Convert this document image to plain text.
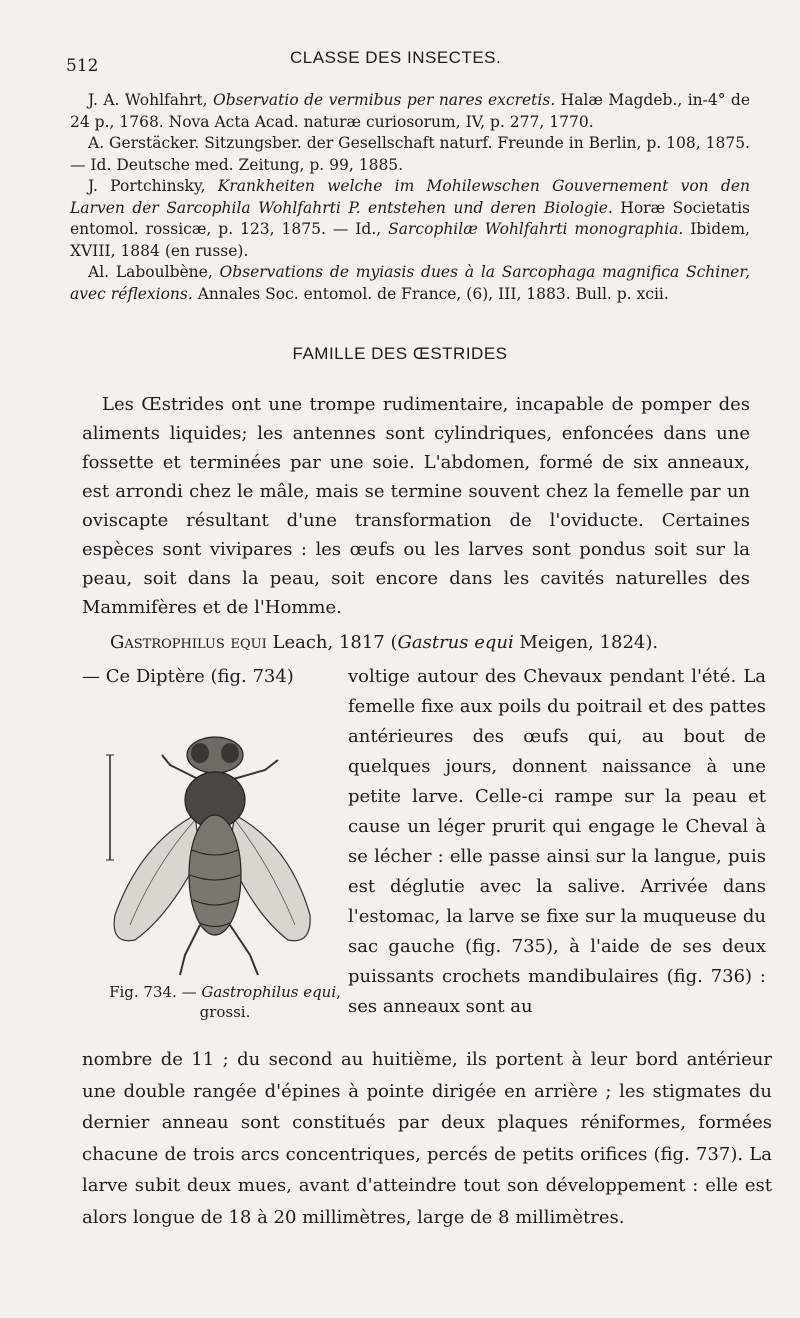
512	CLASSE DES INSECTES.

J. A. Wohlfahrt, Observatio de vermibus per nares excretis. Halæ Magdeb., in-4° de 24 p., 1768. Nova Acta Acad. naturæ curiosorum, IV, p. 277, 1770.

A. Gerstäcker. Sitzungsber. der Gesellschaft naturf. Freunde in Berlin, p. 108, 1875. — Id. Deutsche med. Zeitung, p. 99, 1885.

J. Portchinsky, Krankheiten welche im Mohilewschen Gouvernement von den Larven der Sarcophila Wohlfahrti P. entstehen und deren Biologie. Horæ Societatis entomol. rossicæ, p. 123, 1875. — Id., Sarcophilæ Wohlfahrti monographia. Ibidem, XVIII, 1884 (en russe).

Al. Laboulbène, Observations de myiasis dues à la Sarcophaga magnifica Schiner, avec réflexions. Annales Soc. entomol. de France, (6), III, 1883. Bull. p. xcii.

FAMILLE DES ŒSTRIDES

Les Œstrides ont une trompe rudimentaire, incapable de pomper des aliments liquides; les antennes sont cylindriques, enfoncées dans une fossette et terminées par une soie. L'abdomen, formé de six anneaux, est arrondi chez le mâle, mais se termine souvent chez la femelle par un oviscapte résultant d'une transformation de l'oviducte. Certaines espèces sont vivipares : les œufs ou les larves sont pondus soit sur la peau, soit dans la peau, soit encore dans les cavités naturelles des Mammifères et de l'Homme.

Gastrophilus equi Leach, 1817 (Gastrus equi Meigen, 1824).
— Ce Diptère (fig. 734)	voltige autour des Chevaux pendant l'été. La femelle fixe aux poils du poitrail et des pattes antérieures des œufs qui, au bout de quelques jours, donnent naissance à une petite larve. Celle-ci rampe sur la peau et cause un léger prurit qui engage le Cheval à se lécher : elle passe ainsi sur la langue, puis est déglutie avec la salive. Arrivée dans l'estomac, la larve se fixe sur la muqueuse du sac gauche (fig. 735), à l'aide de ses deux puissants crochets mandibulaires (fig. 736) : ses anneaux sont au

Fig. 734. — Gastrophilus equi, grossi.

nombre de 11 ; du second au huitième, ils portent à leur bord antérieur une double rangée d'épines à pointe dirigée en arrière ; les stigmates du dernier anneau sont constitués par deux plaques réniformes, formées chacune de trois arcs concentriques, percés de petits orifices (fig. 737). La larve subit deux mues, avant d'atteindre tout son développement : elle est alors longue de 18 à 20 millimètres, large de 8 millimètres.
